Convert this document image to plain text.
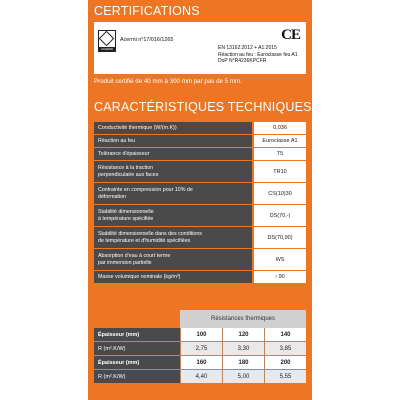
CERTIFICATIONS
ACERMI
Acermi n°17/016/1265	CE
EN 13162:2012 + A1:2015
Réaction au feu : Euroclasse feu A1
DoP N°R4236KPCFR
Produit certifié de 40 mm à 300 mm par pas de 5 mm.
CARACTÉRISTIQUES TECHNIQUES
Conductivité thermique (W/(m.K))	0,036
Réaction au feu	Euroclasse A1
Tolérance d'épaisseur	T5
Résistance à la traction
perpendiculaire aux faces	TR10
Contrainte en compression pour 10% de
déformation	CS(10)30
Stabilité dimensionnelle
à température spécifiée	DS(70,-)
Stabilité dimensionnelle dans des conditions
de température et d'humidité spécifiées	DS(70,90)
Absorption d'eau à court terme
par immersion partielle	WS
Masse volumique nominale (kg/m³)	› 90
Résistances thermiques
Épaisseur (mm)	100	120	140
R (m².K/W)	2,75	3,30	3,85
Épaisseur (mm)	160	180	200
R (m².K/W)	4,40	5,00	5,55
